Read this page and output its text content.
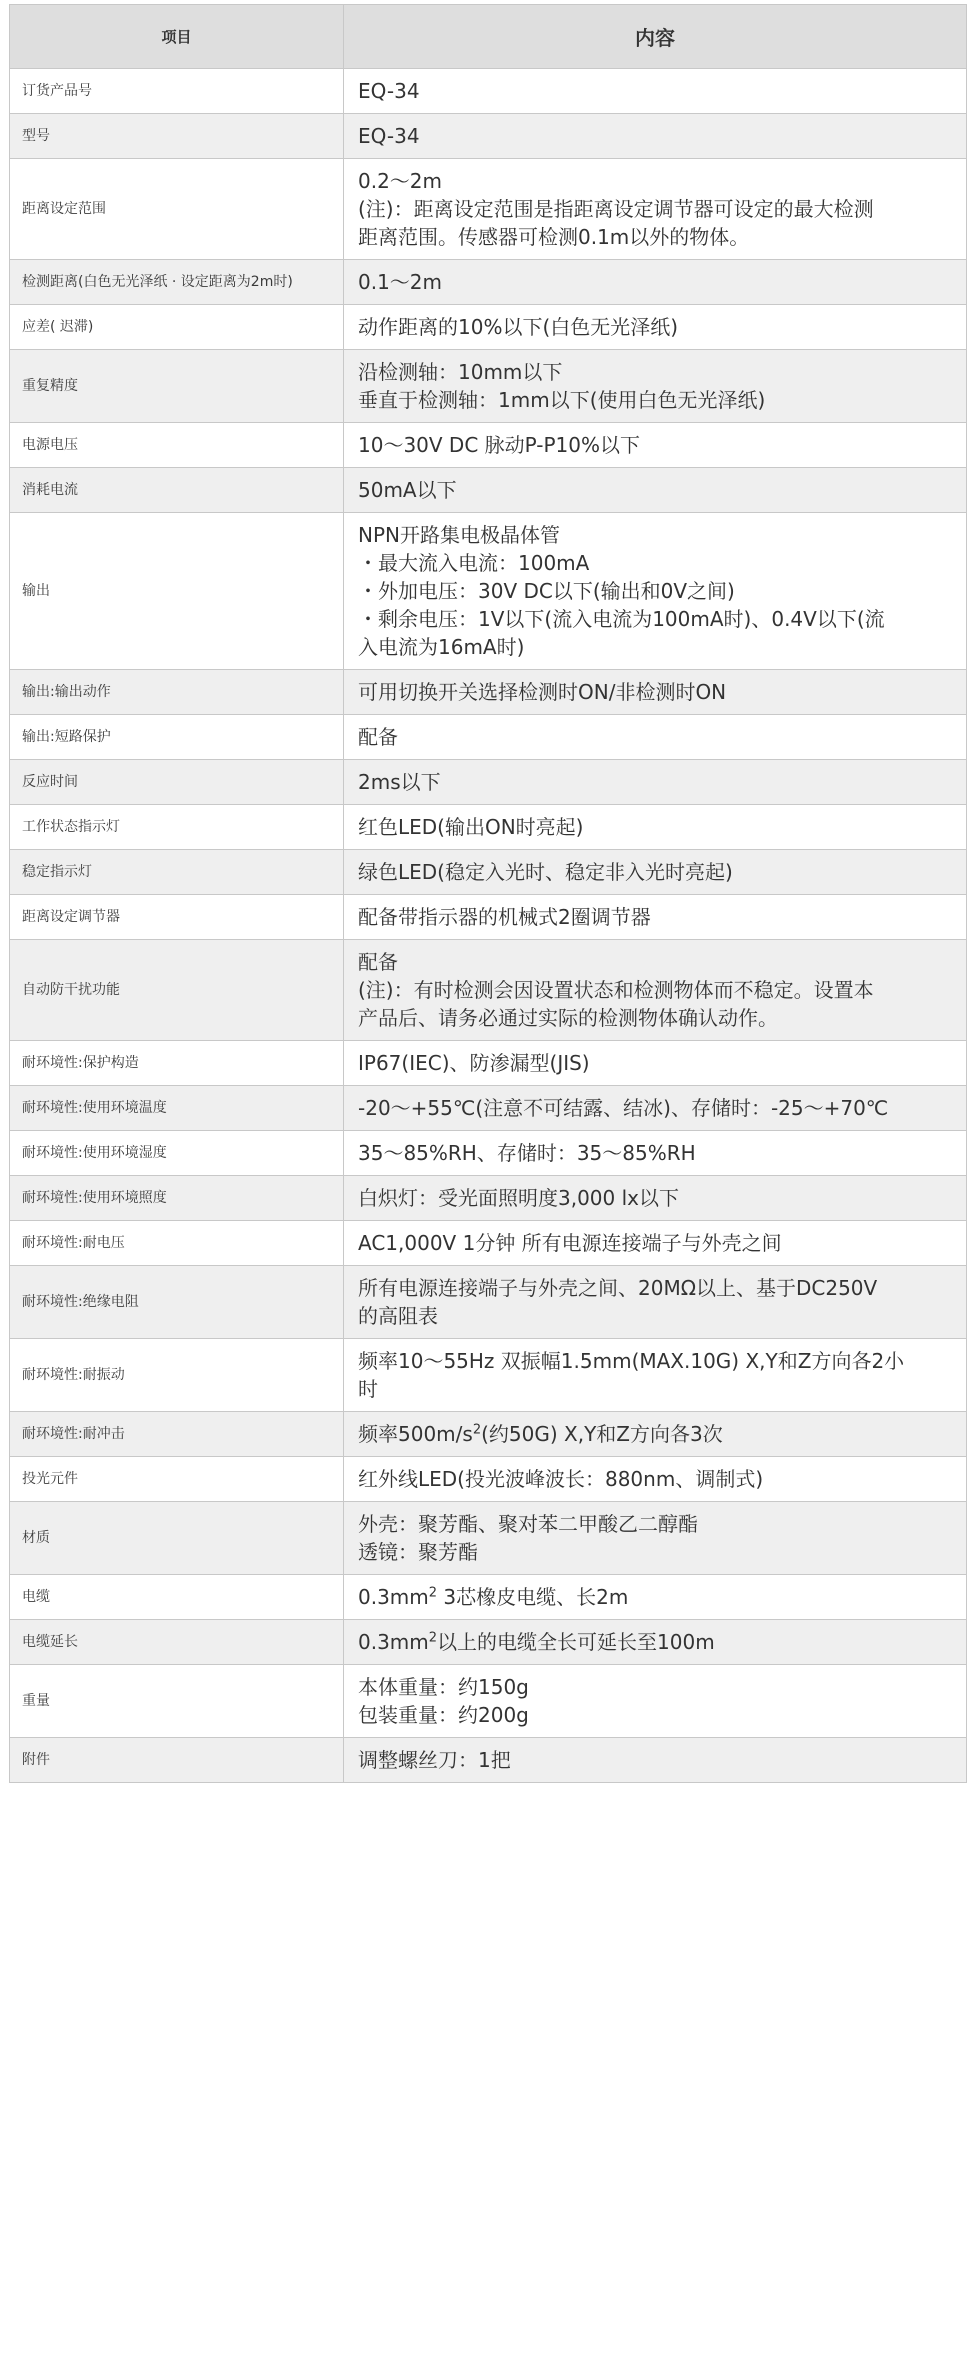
项目	内容
订货产品号	EQ-34

型号	EQ-34

距离设定范围	0.2～2m
(注)：距离设定范围是指距离设定调节器可设定的最大检测
距离范围。传感器可检测0.1m以外的物体。

检测距离(白色无光泽纸 · 设定距离为2m时)	0.1～2m

应差( 迟滞)	动作距离的10%以下(白色无光泽纸)

重复精度	沿检测轴：10mm以下
垂直于检测轴：1mm以下(使用白色无光泽纸)

电源电压	10～30V DC 脉动P-P10%以下

消耗电流	50mA以下

输出	NPN开路集电极晶体管
・最大流入电流：100mA
・外加电压：30V DC以下(输出和0V之间)
・剩余电压：1V以下(流入电流为100mA时)、0.4V以下(流
入电流为16mA时)

输出:输出动作	可用切换开关选择检测时ON/非检测时ON

输出:短路保护	配备

反应时间	2ms以下

工作状态指示灯	红色LED(输出ON时亮起)

稳定指示灯	绿色LED(稳定入光时、稳定非入光时亮起)

距离设定调节器	配备带指示器的机械式2圈调节器

自动防干扰功能	配备
(注)：有时检测会因设置状态和检测物体而不稳定。设置本
产品后、请务必通过实际的检测物体确认动作。

耐环境性:保护构造	IP67(IEC)、防渗漏型(JIS)

耐环境性:使用环境温度	-20～+55℃(注意不可结露、结冰)、存储时：-25～+70℃

耐环境性:使用环境湿度	35～85%RH、存储时：35～85%RH

耐环境性:使用环境照度	白炽灯：受光面照明度3,000 lx以下

耐环境性:耐电压	AC1,000V 1分钟 所有电源连接端子与外壳之间

耐环境性:绝缘电阻	所有电源连接端子与外壳之间、20MΩ以上、基于DC250V
的高阻表

耐环境性:耐振动	频率10～55Hz 双振幅1.5mm(MAX.10G) X,Y和Z方向各2小
时

耐环境性:耐冲击	频率$500m/s^2$(约50G) X,Y和Z方向各3次
投光元件	红外线LED(投光波峰波长：880nm、调制式)

材质	外壳：聚芳酯、聚对苯二甲酸乙二醇酯
透镜：聚芳酯

电缆	$0.3mm^2$ 3芯橡皮电缆、长2m
电缆延长	$0.3mm^2$以上的电缆全长可延长至100m
重量	本体重量：约150g
包装重量：约200g

附件	调整螺丝刀：1把
